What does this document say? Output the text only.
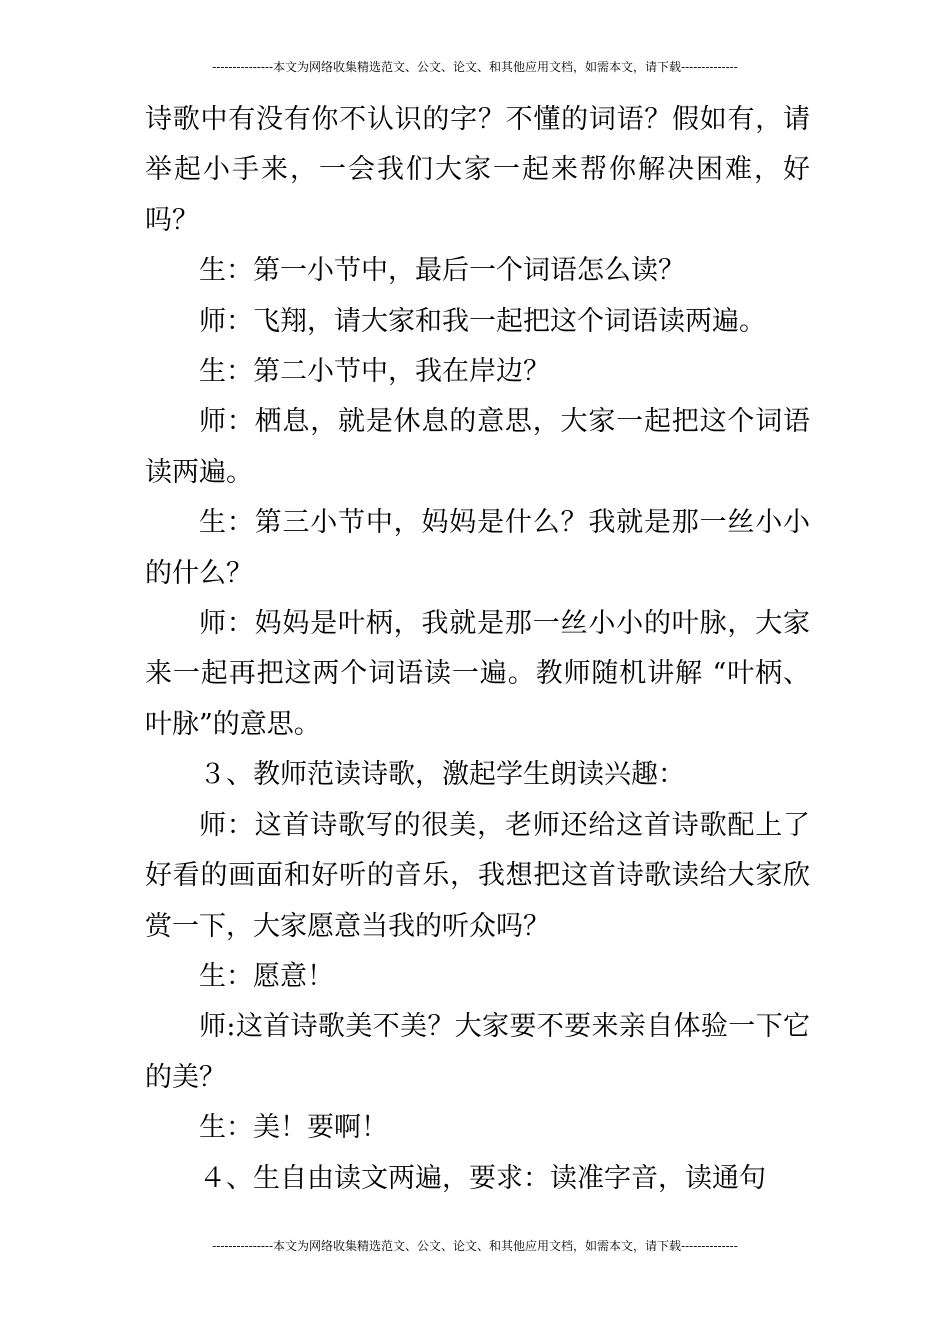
---------------本文为网络收集精选范文、公文、论文、和其他应用文档，如需本文，请下载--------------

诗歌中有没有你不认识的字？不懂的词语？假如有，请举起小手来，一会我们大家一起来帮你解决困难，好吗？

生：第一小节中，最后一个词语怎么读？

师：飞翔，请大家和我一起把这个词语读两遍。

生：第二小节中，我在岸边？

师：栖息，就是休息的意思，大家一起把这个词语读两遍。

生：第三小节中，妈妈是什么？我就是那一丝小小的什么？

师：妈妈是叶柄，我就是那一丝小小的叶脉，大家来一起再把这两个词语读一遍。教师随机讲解 “叶柄、叶脉”的意思。

３、教师范读诗歌，激起学生朗读兴趣：

师：这首诗歌写的很美，老师还给这首诗歌配上了好看的画面和好听的音乐，我想把这首诗歌读给大家欣赏一下，大家愿意当我的听众吗？

生：愿意！

师:这首诗歌美不美？大家要不要来亲自体验一下它的美？

生：美！要啊！

４、生自由读文两遍，要求：读准字音，读通句

---------------本文为网络收集精选范文、公文、论文、和其他应用文档，如需本文，请下载--------------
